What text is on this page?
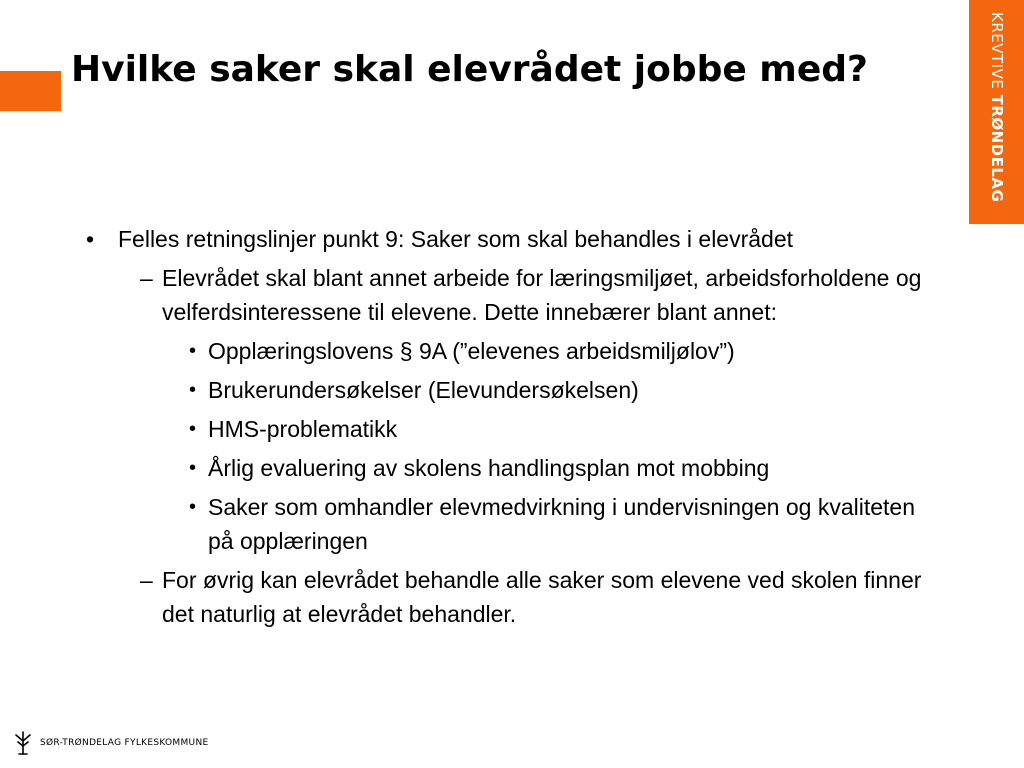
Hvilke saker skal elevrådet jobbe med?	KREVTIVE TRØNDELAG
• Felles retningslinjer punkt 9: Saker som skal behandles i elevrådet
– Elevrådet skal blant annet arbeide for læringsmiljøet, arbeidsforholdene og velferdsinteressene til elevene. Dette innebærer blant annet:
• Opplæringslovens § 9A (”elevenes arbeidsmiljølov”)
• Brukerundersøkelser (Elevundersøkelsen)
• HMS-problematikk
• Årlig evaluering av skolens handlingsplan mot mobbing
• Saker som omhandler elevmedvirkning i undervisningen og kvaliteten på opplæringen
– For øvrig kan elevrådet behandle alle saker som elevene ved skolen finner det naturlig at elevrådet behandler.
SØR-TRØNDELAG FYLKESKOMMUNE
